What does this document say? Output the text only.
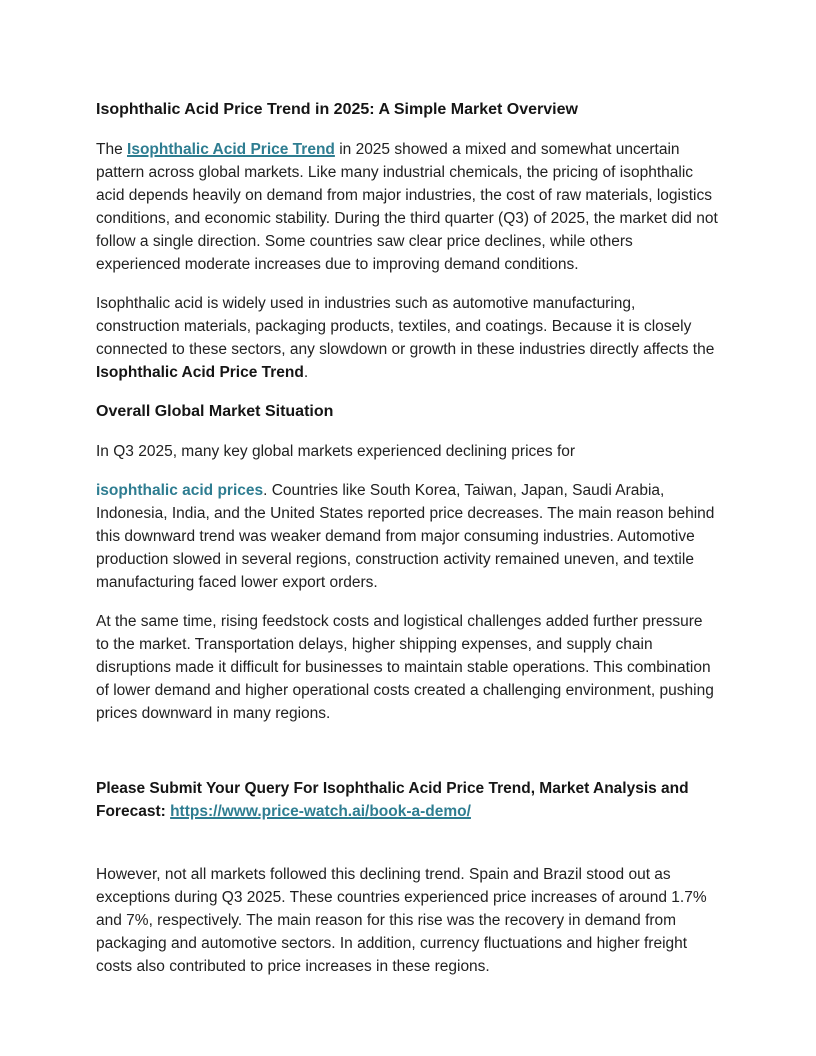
Isophthalic Acid Price Trend in 2025: A Simple Market Overview

The Isophthalic Acid Price Trend in 2025 showed a mixed and somewhat uncertain pattern across global markets. Like many industrial chemicals, the pricing of isophthalic acid depends heavily on demand from major industries, the cost of raw materials, logistics conditions, and economic stability. During the third quarter (Q3) of 2025, the market did not follow a single direction. Some countries saw clear price declines, while others experienced moderate increases due to improving demand conditions.

Isophthalic acid is widely used in industries such as automotive manufacturing, construction materials, packaging products, textiles, and coatings. Because it is closely connected to these sectors, any slowdown or growth in these industries directly affects the Isophthalic Acid Price Trend.

Overall Global Market Situation

In Q3 2025, many key global markets experienced declining prices for

isophthalic acid prices. Countries like South Korea, Taiwan, Japan, Saudi Arabia, Indonesia, India, and the United States reported price decreases. The main reason behind this downward trend was weaker demand from major consuming industries. Automotive production slowed in several regions, construction activity remained uneven, and textile manufacturing faced lower export orders.

At the same time, rising feedstock costs and logistical challenges added further pressure to the market. Transportation delays, higher shipping expenses, and supply chain disruptions made it difficult for businesses to maintain stable operations. This combination of lower demand and higher operational costs created a challenging environment, pushing prices downward in many regions.

Please Submit Your Query For Isophthalic Acid Price Trend, Market Analysis and Forecast: https://www.price-watch.ai/book-a-demo/

However, not all markets followed this declining trend. Spain and Brazil stood out as exceptions during Q3 2025. These countries experienced price increases of around 1.7% and 7%, respectively. The main reason for this rise was the recovery in demand from packaging and automotive sectors. In addition, currency fluctuations and higher freight costs also contributed to price increases in these regions.
